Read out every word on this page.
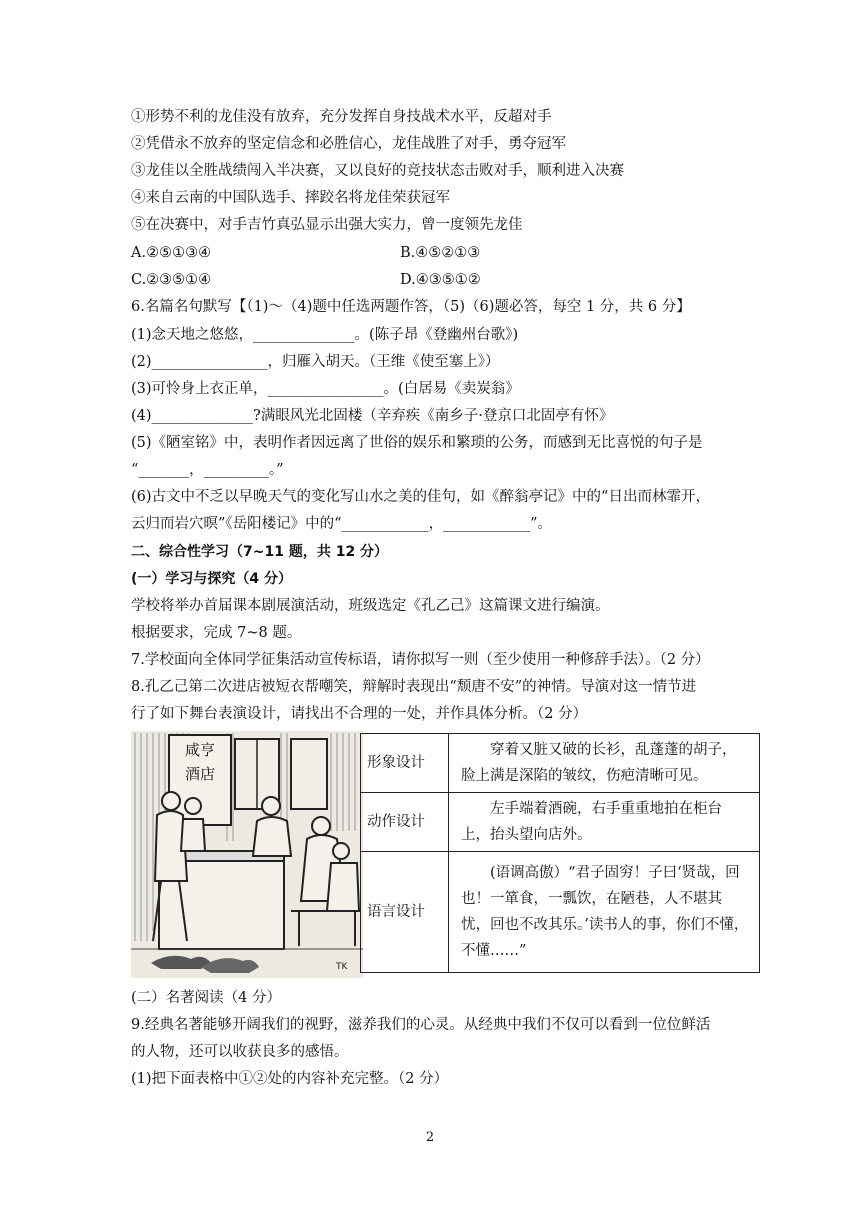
①形势不利的龙佳没有放弃，充分发挥自身技战术水平，反超对手
②凭借永不放弃的坚定信念和必胜信心，龙佳战胜了对手，勇夺冠军
③龙佳以全胜战绩闯入半决赛，又以良好的竞技状态击败对手，顺利进入决赛
④来自云南的中国队选手、摔跤名将龙佳荣获冠军
⑤在决赛中，对手吉竹真弘显示出强大实力，曾一度领先龙佳
A.②⑤①③④	B.④⑤②①③
C.②③⑤①④	D.④③⑤①②
6.名篇名句默写【（1)～（4)题中任选两题作答，（5)（6)题必答，每空 1 分，共 6 分】
(1)念天地之悠悠，______________。(陈子昂《登幽州台歌》)
(2)________________，归雁入胡天。（王维《使至塞上》）
(3)可怜身上衣正单，________________。(白居易《卖炭翁》
(4)______________?满眼风光北固楼（辛弃疾《南乡子·登京口北固亭有怀》
(5)《陋室铭》中，表明作者因远离了世俗的娱乐和繁琐的公务，而感到无比喜悦的句子是
“_______，_________。”
(6)古文中不乏以早晚天气的变化写山水之美的佳句，如《醉翁亭记》中的“日出而林霏开，
云归而岩穴暝”《岳阳楼记》中的“____________，____________”。
二、综合性学习（7~11 题，共 12 分）
(一）学习与探究（4 分）
学校将举办首届课本剧展演活动，班级选定《孔乙己》这篇课文进行编演。
根据要求，完成 7~8 题。
7.学校面向全体同学征集活动宣传标语，请你拟写一则（至少使用一种修辞手法）。（2 分）
8.孔乙己第二次进店被短衣帮嘲笑，辩解时表现出“颓唐不安”的神情。导演对这一情节进
行了如下舞台表演设计，请找出不合理的一处，并作具体分析。（2 分）
咸亨
酒店
TK
形象设计	穿着又脏又破的长衫，乱蓬蓬的胡子，脸上满是深陷的皱纹，伤疤清晰可见。
动作设计	左手端着酒碗，右手重重地拍在柜台上，抬头望向店外。
语言设计	(语调高傲）“君子固穷！子曰‘贤哉，回也！一箪食，一瓢饮，在陋巷，人不堪其忧，回也不改其乐。’读书人的事，你们不懂，不懂……”
(二）名著阅读（4 分）
9.经典名著能够开阔我们的视野，滋养我们的心灵。从经典中我们不仅可以看到一位位鲜活
的人物，还可以收获良多的感悟。
(1)把下面表格中①②处的内容补充完整。（2 分）
2
